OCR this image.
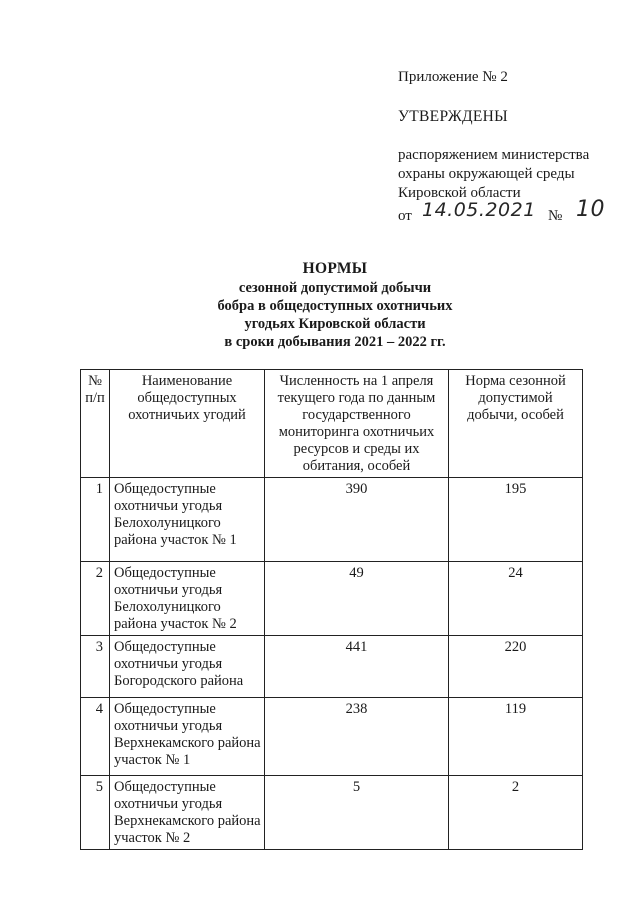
Приложение № 2
УТВЕРЖДЕНЫ
распоряжением министерства
охраны окружающей среды
Кировской области
от 14.05.2021 № 10
НОРМЫ
сезонной допустимой добычи
бобра в общедоступных охотничьих
угодьях Кировской области
в сроки добывания 2021 – 2022 гг.
№ п/п	Наименование общедоступных охотничьих угодий	Численность на 1 апреля текущего года по данным государственного мониторинга охотничьих ресурсов и среды их обитания, особей	Норма сезонной допустимой добычи, особей
1	Общедоступные охотничьи угодья Белохолуницкого района участок № 1	390	195
2	Общедоступные охотничьи угодья Белохолуницкого района участок № 2	49	24
3	Общедоступные охотничьи угодья Богородского района	441	220
4	Общедоступные охотничьи угодья Верхнекамского района участок № 1	238	119
5	Общедоступные охотничьи угодья Верхнекамского района участок № 2	5	2
